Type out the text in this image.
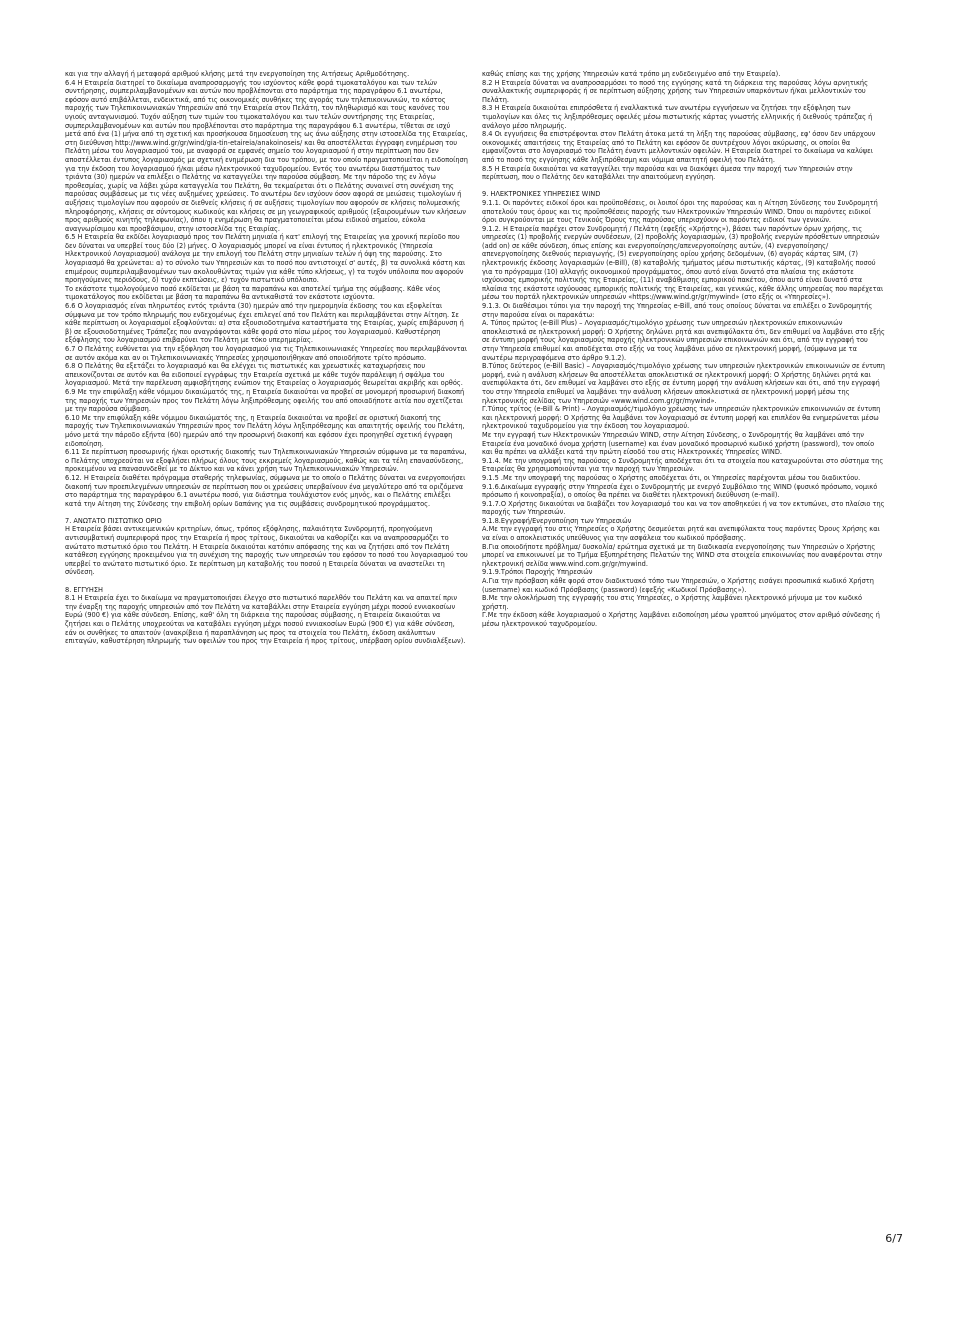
και για την αλλαγή ή μεταφορά αριθμού κλήσης μετά την ενεργοποίηση της Αιτήσεως Αριθμοδότησης.

6.4 Η Εταιρεία διατηρεί το δικαίωμα αναπροσαρμογής του ισχύοντος κάθε φορά τιμοκαταλόγου και των τελών συντήρησης, συμπεριλαμβανομένων και αυτών που προβλέπονται στο παράρτημα της παραγράφου 6.1 ανωτέρω, εφόσον αυτό επιβάλλεται, ενδεικτικά, από τις οικονομικές συνθήκες της αγοράς των τηλεπικοινωνιών, το κόστος παροχής των Τηλεπικοινωνιακών Υπηρεσιών από την Εταιρεία στον Πελάτη, τον πληθωρισμό και τους κανόνες του υγιούς ανταγωνισμού. Τυχόν αύξηση των τιμών του τιμοκαταλόγου και των τελών συντήρησης της Εταιρείας, συμπεριλαμβανομένων και αυτών που προβλέπονται στο παράρτημα της παραγράφου 6.1 ανωτέρω, τίθεται σε ισχύ μετά από ένα (1) μήνα από τη σχετική και προσήκουσα δημοσίευση της ως άνω αύξησης στην ιστοσελίδα της Εταιρείας, στη διεύθυνση http://www.wind.gr/gr/wind/gia-tin-etaireia/anakoinoseis/ και θα αποστέλλεται έγγραφη ενημέρωση του Πελάτη μέσω του λογαριασμού του, με αναφορά σε εμφανές σημείο του λογαριασμού ή στην περίπτωση που δεν αποστέλλεται έντυπος λογαριασμός με σχετική ενημέρωση δια του τρόπου, με τον οποίο πραγματοποιείται η ειδοποίηση για την έκδοση του λογαριασμού ή/και μέσω ηλεκτρονικού ταχυδρομείου. Εντός του ανωτέρω διαστήματος των τριάντα (30) ημερών να επιλέξει ο Πελάτης να καταγγείλει την παρούσα σύμβαση. Με την πάροδο της εν λόγω προθεσμίας, χωρίς να λάβει χώρα καταγγελία του Πελάτη, θα τεκμαίρεται ότι ο Πελάτης συναινεί στη συνέχιση της παρούσας συμβάσεως με τις νέες αυξημένες χρεώσεις. Το ανωτέρω δεν ισχύουν όσον αφορά σε μειώσεις τιμολογίων ή αυξήσεις τιμολογίων που αφορούν σε διεθνείς κλήσεις ή σε αυξήσεις τιμολογίων που αφορούν σε κλήσεις πολυμεσικής πληροφόρησης, κλήσεις σε σύντομους κωδικούς και κλήσεις σε μη γεωγραφικούς αριθμούς (εξαιρουμένων των κλήσεων προς αριθμούς κινητής τηλεφωνίας), όπου η ενημέρωση θα πραγματοποιείται μέσω ειδικού σημείου, εύκολα αναγνωρίσιμου και προσβάσιμου, στην ιστοσελίδα της Εταιρίας.

6.5 Η Εταιρεία θα εκδίδει λογαριασμό προς τον Πελάτη μηνιαία ή κατ' επιλογή της Εταιρείας για χρονική περίοδο που δεν δύναται να υπερβεί τους δύο (2) μήνες. Ο λογαριασμός μπορεί να είναι έντυπος ή ηλεκτρονικός (Υπηρεσία Ηλεκτρονικού Λογαριασμού) ανάλογα με την επιλογή του Πελάτη στην μηνιαίων τελών ή όψη της παρούσης. Στο λογαριασμό θα χρεώνεται: α) το σύνολο των Υπηρεσιών και το ποσό που αντιστοιχεί σ' αυτές, β) τα συνολικά κόστη και επιμέρους συμπεριλαμβανομένων των ακολουθώντας τιμών για κάθε τύπο κλήσεως, γ) τα τυχόν υπόλοιπα που αφορούν προηγούμενες περιόδους, δ) τυχόν εκπτώσεις, ε) τυχόν πιστωτικό υπόλοιπο.

Το εκάστοτε τιμολογούμενο ποσό εκδίδεται με βάση τα παραπάνω και αποτελεί τμήμα της σύμβασης. Κάθε νέος τιμοκατάλογος που εκδίδεται με βάση τα παραπάνω θα αντικαθιστά τον εκάστοτε ισχύοντα.

6.6 Ο λογαριασμός είναι πληρωτέος εντός τριάντα (30) ημερών από την ημερομηνία έκδοσης του και εξοφλείται σύμφωνα με τον τρόπο πληρωμής που ενδεχομένως έχει επιλεγεί από τον Πελάτη και περιλαμβάνεται στην Αίτηση. Σε κάθε περίπτωση οι λογαριασμοί εξοφλούνται: α) στα εξουσιοδοτημένα καταστήματα της Εταιρίας, χωρίς επιβάρυνση ή β) σε εξουσιοδοτημένες Τράπεζες που αναγράφονται κάθε φορά στο πίσω μέρος του λογαριασμού. Καθυστέρηση εξόφλησης του λογαριασμού επιβαρύνει τον Πελάτη με τόκο υπερημερίας.

6.7 Ο Πελάτης ευθύνεται για την εξόφληση του λογαριασμού για τις Τηλεπικοινωνιακές Υπηρεσίες που περιλαμβάνονται σε αυτόν ακόμα και αν οι Τηλεπικοινωνιακές Υπηρεσίες χρησιμοποιήθηκαν από οποιοδήποτε τρίτο πρόσωπο.

6.8 Ο Πελάτης θα εξετάζει το λογαριασμό και θα ελέγχει τις πιστωτικές και χρεωστικές καταχωρήσεις που απεικονίζονται σε αυτόν και θα ειδοποιεί εγγράφως την Εταιρεία σχετικά με κάθε τυχόν παράλειψη ή σφάλμα του λογαριασμού. Μετά την παρέλευση αμφισβήτησης ενώπιον της Εταιρείας ο λογαριασμός θεωρείται ακριβής και ορθός.

6.9 Με την επιφύλαξη κάθε νόμιμου δικαιώματός της, η Εταιρεία δικαιούται να προβεί σε μονομερή προσωρινή διακοπή της παροχής των Υπηρεσιών προς τον Πελάτη λόγω ληξιπρόθεσμης οφειλής του από οποιαδήποτε αιτία που σχετίζεται με την παρούσα σύμβαση.

6.10 Με την επιφύλαξη κάθε νόμιμου δικαιώματός της, η Εταιρεία δικαιούται να προβεί σε οριστική διακοπή της παροχής των Τηλεπικοινωνιακών Υπηρεσιών προς τον Πελάτη λόγω ληξιπρόθεσμης και απαιτητής οφειλής του Πελάτη, μόνο μετά την πάροδο εξήντα (60) ημερών από την προσωρινή διακοπή και εφόσον έχει προηγηθεί σχετική έγγραφη ειδοποίηση.

6.11 Σε περίπτωση προσωρινής ή/και οριστικής διακοπής των Τηλεπικοινωνιακών Υπηρεσιών σύμφωνα με τα παραπάνω, ο Πελάτης υποχρεούται να εξοφλήσει πλήρως όλους τους εκκρεμείς λογαριασμούς, καθώς και τα τέλη επανασύνδεσης, προκειμένου να επανασυνδεθεί με το Δίκτυο και να κάνει χρήση των Τηλεπικοινωνιακών Υπηρεσιών.

6.12. Η Εταιρεία διαθέτει πρόγραμμα σταθερής τηλεφωνίας, σύμφωνα με το οποίο ο Πελάτης δύναται να ενεργοποιήσει διακοπή των προεπιλεγμένων υπηρεσιών σε περίπτωση που οι χρεώσεις υπερβαίνουν ένα μεγαλύτερο από τα οριζόμενα στο παράρτημα της παραγράφου 6.1 ανωτέρω ποσό, για διάστημα τουλάχιστον ενός μηνός, και ο Πελάτης επιλέξει κατά την Αίτηση της Σύνδεσης την επιβολή ορίων δαπάνης για τις συμβάσεις συνδρομητικού προγράμματος.

7. ΑΝΩΤΑΤΟ ΠΙΣΤΩΤΙΚΟ ΟΡΙΟ

Η Εταιρεία βάσει αντικειμενικών κριτηρίων, όπως, τρόπος εξόφλησης, παλαιότητα Συνδρομητή, προηγούμενη αντισυμβατική συμπεριφορά προς την Εταιρεία ή προς τρίτους, δικαιούται να καθορίζει και να αναπροσαρμόζει το ανώτατο πιστωτικό όριο του Πελάτη. Η Εταιρεία δικαιούται κατόπιν απόφασης της και να ζητήσει από τον Πελάτη κατάθεση εγγύησης προκειμένου για τη συνέχιση της παροχής των υπηρεσιών του εφόσον το ποσό του λογαριασμού του υπερβεί το ανώτατο πιστωτικό όριο. Σε περίπτωση μη καταβολής του ποσού η Εταιρεία δύναται να αναστείλει τη σύνδεση.

8. ΕΓΓΥΗΣΗ

8.1 Η Εταιρεία έχει το δικαίωμα να πραγματοποιήσει έλεγχο στο πιστωτικό παρελθόν του Πελάτη και να απαιτεί πριν την έναρξη της παροχής υπηρεσιών από τον Πελάτη να καταβάλλει στην Εταιρεία εγγύηση μέχρι ποσού εννιακοσίων Ευρώ (900 €) για κάθε σύνδεση. Επίσης, καθ' όλη τη διάρκεια της παρούσας σύμβασης, η Εταιρεία δικαιούται να ζητήσει και ο Πελάτης υποχρεούται να καταβάλει εγγύηση μέχρι ποσού εννιακοσίων Ευρώ (900 €) για κάθε σύνδεση, εάν οι συνθήκες το απαιτούν (ανακρίβεια ή παραπλάνηση ως προς τα στοιχεία του Πελάτη, έκδοση ακάλυπτων επιταγών, καθυστέρηση πληρωμής των οφειλών του προς την Εταιρεία ή προς τρίτους, υπέρβαση ορίου συνδιαλέξεων).

καθώς επίσης και της χρήσης Υπηρεσιών κατά τρόπο μη ενδεδειγμένο από την Εταιρεία).

8.2 Η Εταιρεία δύναται να αναπροσαρμόσει το ποσό της εγγύησης κατά τη διάρκεια της παρούσας λόγω αρνητικής συναλλακτικής συμπεριφοράς ή σε περίπτωση αύξησης χρήσης των Υπηρεσιών υπαρκόντων ή/και μελλοντικών του Πελάτη.

8.3 Η Εταιρεία δικαιούται επιπρόσθετα ή εναλλακτικά των ανωτέρω εγγυήσεων να ζητήσει την εξόφληση των τιμολογίων και όλες τις ληξιπρόθεσμες οφειλές μέσω πιστωτικής κάρτας γνωστής ελληνικής ή διεθνούς τράπεζας ή ανάλογο μέσο πληρωμής.

8.4 Οι εγγυήσεις θα επιστρέφονται στον Πελάτη άτοκα μετά τη λήξη της παρούσας σύμβασης, εφ' όσον δεν υπάρχουν οικονομικές απαιτήσεις της Εταιρείας από το Πελάτη και εφόσον δε συντρέχουν λόγοι ακύρωσης, οι οποίοι θα εμφανίζονται στο λογαριασμό του Πελάτη έναντι μελλοντικών οφειλών. Η Εταιρεία διατηρεί το δικαίωμα να καλύψει από το ποσό της εγγύησης κάθε ληξιπρόθεσμη και νόμιμα απαιτητή οφειλή του Πελάτη.

8.5 Η Εταιρεία δικαιούται να καταγγείλει την παρούσα και να διακόψει άμεσα την παροχή των Υπηρεσιών στην περίπτωση, που ο Πελάτης δεν καταβάλλει την απαιτούμενη εγγύηση.

9. ΗΛΕΚΤΡΟΝΙΚΕΣ ΥΠΗΡΕΣΙΕΣ WIND

9.1.1. Οι παρόντες ειδικοί όροι και προϋποθέσεις, οι λοιποί όροι της παρούσας και η Αίτηση Σύνδεσης του Συνδρομητή αποτελούν τους όρους και τις προϋποθέσεις παροχής των Ηλεκτρονικών Υπηρεσιών WIND. Όπου οι παρόντες ειδικοί όροι συγκρούονται με τους Γενικούς Όρους της παρούσας υπερισχύουν οι παρόντες ειδικοί των γενικών.

9.1.2. Η Εταιρεία παρέχει στον Συνδρομητή / Πελάτη (εφεξής «Χρήστης»), βάσει των παρόντων όρων χρήσης, τις υπηρεσίες (1) προβολής ενεργών συνδέσεων, (2) προβολής λογαριασμών, (3) προβολής ενεργών πρόσθετων υπηρεσιών (add on) σε κάθε σύνδεση, όπως επίσης και ενεργοποίησης/απενεργοποίησης αυτών, (4) ενεργοποίησης/απενεργοποίησης διεθνούς περιαγωγής, (5) ενεργοποίησης ορίου χρήσης δεδομένων, (6) αγοράς κάρτας SIM, (7) ηλεκτρονικής έκδοσης λογαριασμών (e-Bill), (8) καταβολής τμήματος μέσω πιστωτικής κάρτας, (9) καταβολής ποσού για το πρόγραμμα (10) αλλαγής οικονομικού προγράμματος, όπου αυτό είναι δυνατό στα πλαίσια της εκάστοτε ισχύουσας εμπορικής πολιτικής της Εταιρείας, (11) αναβάθμισης εμπορικού πακέτου, όπου αυτό είναι δυνατό στα πλαίσια της εκάστοτε ισχύουσας εμπορικής πολιτικής της Εταιρείας, και γενικώς, κάθε άλλης υπηρεσίας που παρέχεται μέσω του πορτάλ ηλεκτρονικών υπηρεσιών «https://www.wind.gr/gr/mywind» (στο εξής οι «Υπηρεσίες»).

9.1.3. Οι διαθέσιμοι τύποι για την παροχή της Υπηρεσίας e-Bill, από τους οποίους δύναται να επιλέξει ο Συνδρομητής στην παρούσα είναι οι παρακάτω:

Α. Τύπος πρώτος (e-Bill Plus) – Λογαριασμός/τιμολόγιο χρέωσης των υπηρεσιών ηλεκτρονικών επικοινωνιών αποκλειστικά σε ηλεκτρονική μορφή: Ο Χρήστης δηλώνει ρητά και ανεπιφύλακτα ότι, δεν επιθυμεί να λαμβάνει στο εξής σε έντυπη μορφή τους λογαριασμούς παροχής ηλεκτρονικών υπηρεσιών επικοινωνιών και ότι, από την εγγραφή του στην Υπηρεσία επιθυμεί και αποδέχεται στο εξής να τους λαμβάνει μόνο σε ηλεκτρονική μορφή, (σύμφωνα με τα ανωτέρω περιγραφόμενα στο άρθρο 9.1.2).

Β.Τύπος δεύτερος (e-Bill Basic) – Λογαριασμός/τιμολόγιο χρέωσης των υπηρεσιών ηλεκτρονικών επικοινωνιών σε έντυπη μορφή, ενώ η ανάλυση κλήσεων θα αποστέλλεται αποκλειστικά σε ηλεκτρονική μορφή: Ο Χρήστης δηλώνει ρητά και ανεπιφύλακτα ότι, δεν επιθυμεί να λαμβάνει στο εξής σε έντυπη μορφή την ανάλυση κλήσεων και ότι, από την εγγραφή του στην Υπηρεσία επιθυμεί να λαμβάνει την ανάλυση κλήσεων αποκλειστικά σε ηλεκτρονική μορφή μέσω της ηλεκτρονικής σελίδας των Υπηρεσιών «www.wind.com.gr/gr/mywind».

Γ.Τύπος τρίτος (e-Bill & Print) – Λογαριασμός/τιμολόγιο χρέωσης των υπηρεσιών ηλεκτρονικών επικοινωνιών σε έντυπη και ηλεκτρονική μορφή: Ο Χρήστης θα λαμβάνει τον λογαριασμό σε έντυπη μορφή και επιπλέον θα ενημερώνεται μέσω ηλεκτρονικού ταχυδρομείου για την έκδοση του λογαριασμού.

Με την εγγραφή των Ηλεκτρονικών Υπηρεσιών WIND, στην Αίτηση Σύνδεσης, ο Συνδρομητής θα λαμβάνει από την Εταιρεία ένα μοναδικό όνομα χρήστη (username) και έναν μοναδικό προσωρινό κωδικό χρήστη (password), τον οποίο και θα πρέπει να αλλάξει κατά την πρώτη είσοδό του στις Ηλεκτρονικές Υπηρεσίες WIND.

9.1.4. Με την υπογραφή της παρούσας ο Συνδρομητής αποδέχεται ότι τα στοιχεία που καταχωρούνται στο σύστημα της Εταιρείας θα χρησιμοποιούνται για την παροχή των Υπηρεσιών.

9.1.5 .Με την υπογραφή της παρούσας ο Χρήστης αποδέχεται ότι, οι Υπηρεσίες παρέχονται μέσω του διαδικτύου.

9.1.6.Δικαίωμα εγγραφής στην Υπηρεσία έχει ο Συνδρομητής με ενεργό Συμβόλαιο της WIND (φυσικό πρόσωπο, νομικό πρόσωπο ή κοινοπραξία), ο οποίος θα πρέπει να διαθέτει ηλεκτρονική διεύθυνση (e-mail).

9.1.7.Ο Χρήστης δικαιούται να διαβάζει τον λογαριασμό του και να τον αποθηκεύει ή να τον εκτυπώνει, στο πλαίσιο της παροχής των Υπηρεσιών.

9.1.8.Εγγραφή/Ενεργοποίηση των Υπηρεσιών

Α.Με την εγγραφή του στις Υπηρεσίες ο Χρήστης δεσμεύεται ρητά και ανεπιφύλακτα τους παρόντες Όρους Χρήσης και να είναι ο αποκλειστικός υπεύθυνος για την ασφάλεια του κωδικού πρόσβασης.

Β.Για οποιοδήποτε πρόβλημα/ δυσκολία/ ερώτημα σχετικά με τη διαδικασία ενεργοποίησης των Υπηρεσιών ο Χρήστης μπορεί να επικοινωνεί με το Τμήμα Εξυπηρέτησης Πελατών της WIND στα στοιχεία επικοινωνίας που αναφέρονται στην ηλεκτρονική σελίδα www.wind.com.gr/gr/mywind.

9.1.9.Τρόποι Παροχής Υπηρεσιών

Α.Για την πρόσβαση κάθε φορά στον διαδικτυακό τόπο των Υπηρεσιών, ο Χρήστης εισάγει προσωπικά κωδικό Χρήστη (username) και κωδικό Πρόσβασης (password) (εφεξής «Κωδικοί Πρόσβασης»).

Β.Με την ολοκλήρωση της εγγραφής του στις Υπηρεσίες, ο Χρήστης λαμβάνει ηλεκτρονικό μήνυμα με τον κωδικό χρήστη.

Γ.Με την έκδοση κάθε λογαριασμού ο Χρήστης λαμβάνει ειδοποίηση μέσω γραπτού μηνύματος στον αριθμό σύνδεσης ή μέσω ηλεκτρονικού ταχυδρομείου.

6/7
